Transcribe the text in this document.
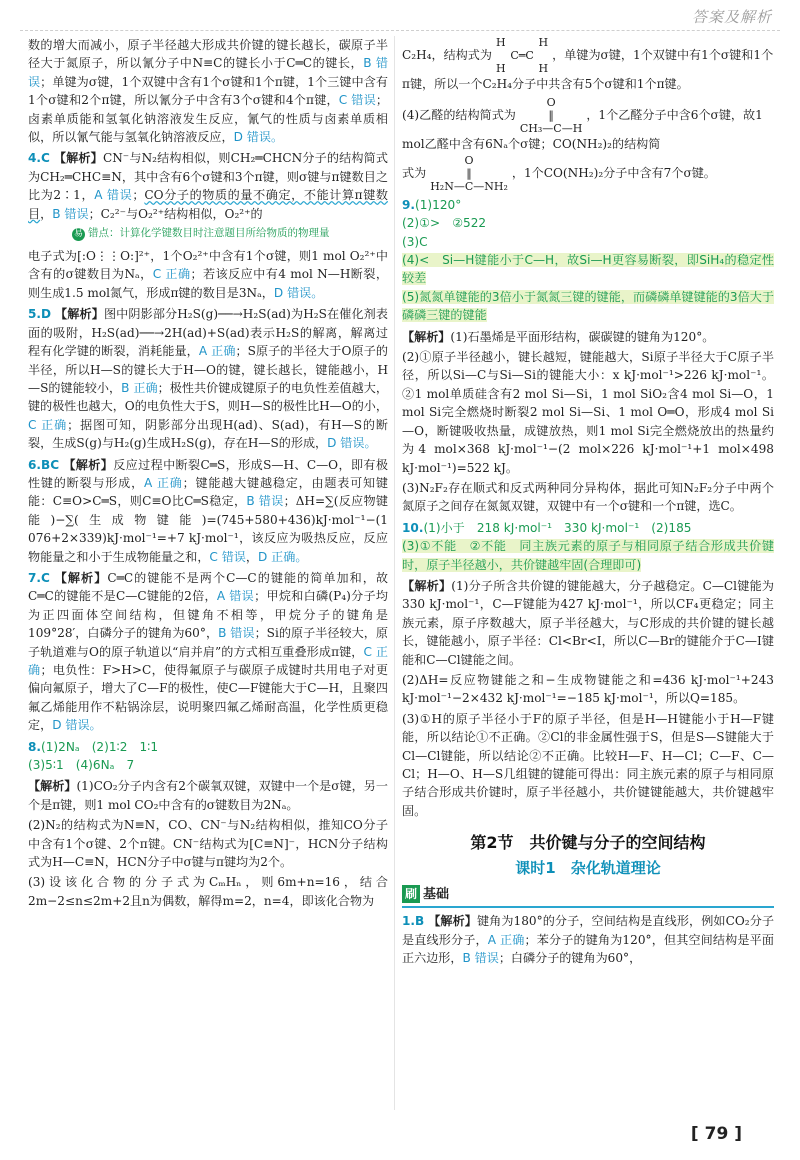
答案及解析

数的增大而减小，原子半径越大形成共价键的键长越长，碳原子半径大于氮原子，所以氰分子中N≡C的键长小于C═C的键长，B 错误；单键为σ键，1个双键中含有1个σ键和1个π键，1个三键中含有1个σ键和2个π键，所以氰分子中含有3个σ键和4个π键，C 错误；卤素单质能和氢氧化钠溶液发生反应，氰气的性质与卤素单质相似，所以氰气能与氢氧化钠溶液反应，D 错误。

4.C 【解析】CN⁻与N₂结构相似，则CH₂═CHCN分子的结构简式为CH₂═CHC≡N，其中含有6个σ键和3个π键，则σ键与π键数目之比为2∶1，A 错误；CO分子的物质的量不确定，不能计算π键数目，B 错误；C₂²⁻与O₂²⁺结构相似，O₂²⁺的

易 错点：计算化学键数目时注意题目所给物质的物理量

电子式为[:O⋮⋮O:]²⁺，1个O₂²⁺中含有1个σ键，则1 mol O₂²⁺中含有的σ键数目为Nₐ，C 正确；若该反应中有4 mol N—H断裂，则生成1.5 mol氮气，形成π键的数目是3Nₐ，D 错误。

5.D 【解析】图中阴影部分H₂S(g)──→H₂S(ad)为H₂S在催化剂表面的吸附，H₂S(ad)──→2H(ad)+S(ad)表示H₂S的解离，解离过程有化学键的断裂，消耗能量，A 正确；S原子的半径大于O原子的半径，所以H—S的键长大于H—O的键，键长越长，键能越小，H—S的键能较小，B 正确；极性共价键成键原子的电负性差值越大，键的极性也越大，O的电负性大于S，则H—S的极性比H—O的小，C 正确；据图可知，阴影部分出现H(ad)、S(ad)，有H—S的断裂，生成S(g)与H₂(g)生成H₂S(g)，存在H—S的形成，D 错误。

6.BC 【解析】反应过程中断裂C═S，形成S—H、C—O，即有极性键的断裂与形成，A 正确；键能越大键越稳定，由题表可知键能：C≡O>C═S，则C≡O比C═S稳定，B 错误；ΔH=∑(反应物键能)−∑(生成物键能)=(745+580+436)kJ·mol⁻¹−(1 076+2×339)kJ·mol⁻¹=+7 kJ·mol⁻¹，该反应为吸热反应，反应物能量之和小于生成物能量之和，C 错误，D 正确。

7.C 【解析】C═C的键能不是两个C—C的键能的简单加和，故C═C的键能不是C—C键能的2倍，A 错误；甲烷和白磷(P₄)分子均为正四面体空间结构，但键角不相等，甲烷分子的键角是109°28′，白磷分子的键角为60°，B 错误；Si的原子半径较大，原子轨道难与O的原子轨道以“肩并肩”的方式相互重叠形成π键，C 正确；电负性：F>H>C，使得氟原子与碳原子成键时共用电子对更偏向氟原子，增大了C—F的极性，使C—F键能大于C—H，且聚四氟乙烯能用作不粘锅涂层，说明聚四氟乙烯耐高温，化学性质更稳定，D 错误。

8.(1)2Nₐ　(2)1∶2　1∶1
(3)5∶1　(4)6Nₐ　7

【解析】(1)CO₂分子内含有2个碳氧双键，双键中一个是σ键，另一个是π键，则1 mol CO₂中含有的σ键数目为2Nₐ。

(2)N₂的结构式为N≡N，CO、CN⁻与N₂结构相似，推知CO分子中含有1个σ键、2个π键。CN⁻结构式为[C≡N]⁻，HCN分子结构式为H—C≡N，HCN分子中σ键与π键均为2个。

(3)设该化合物的分子式为CₘHₙ，则6m+n=16，结合2m−2≤n≤2m+2且n为偶数，解得m=2，n=4，即该化合物为

C₂H₄，结构式为H　　　H
C═C
H　　　H，单键为σ键，1个双键中有1个σ键和1个π键，所以一个C₂H₄分子中共含有5个σ键和1个π键。

(4)乙醛的结构简式为O
‖
CH₃—C—H，1个乙醛分子中含6个σ键，故1 mol乙醛中含有6Nₐ个σ键；CO(NH₂)₂的结构简
式为O
‖
H₂N—C—NH₂，1个CO(NH₂)₂分子中含有7个σ键。

9.(1)120°
(2)①>　②522
(3)C
(4)<　Si—H键能小于C—H，故Si—H更容易断裂，即SiH₄的稳定性较差
(5)氮氮单键能的3倍小于氮氮三键的键能，而磷磷单键键能的3倍大于磷磷三键的键能

【解析】(1)石墨烯是平面形结构，碳碳键的键角为120°。

(2)①原子半径越小，键长越短，键能越大，Si原子半径大于C原子半径，所以Si—C与Si—Si的键能大小：x kJ·mol⁻¹>226 kJ·mol⁻¹。②1 mol单质硅含有2 mol Si—Si，1 mol SiO₂含4 mol Si—O，1 mol Si完全燃烧时断裂2 mol Si—Si、1 mol O═O，形成4 mol Si—O，断键吸收热量，成键放热，则1 mol Si完全燃烧放出的热量约为4 mol×368 kJ·mol⁻¹−(2 mol×226 kJ·mol⁻¹+1 mol×498 kJ·mol⁻¹)=522 kJ。

(3)N₂F₂存在顺式和反式两种同分异构体，据此可知N₂F₂分子中两个氮原子之间存在氮氮双键，双键中有一个σ键和一个π键，选C。

10.(1)小于　218 kJ·mol⁻¹　330 kJ·mol⁻¹　(2)185
(3)①不能　②不能　同主族元素的原子与相同原子结合形成共价键时，原子半径越小，共价键越牢固(合理即可)

【解析】(1)分子所含共价键的键能越大，分子越稳定。C—Cl键能为330 kJ·mol⁻¹，C—F键能为427 kJ·mol⁻¹，所以CF₄更稳定；同主族元素，原子序数越大，原子半径越大，与C形成的共价键的键长越长，键能越小，原子半径：Cl<Br<I，所以C—Br的键能介于C—I键能和C—Cl键能之间。

(2)ΔH=反应物键能之和−生成物键能之和=436 kJ·mol⁻¹+243 kJ·mol⁻¹−2×432 kJ·mol⁻¹=−185 kJ·mol⁻¹，所以Q=185。

(3)①H的原子半径小于F的原子半径，但是H—H键能小于H—F键能，所以结论①不正确。②Cl的非金属性强于S，但是S—S键能大于Cl—Cl键能，所以结论②不正确。比较H—F、H—Cl；C—F、C—Cl；H—O、H—S几组键的键能可得出：同主族元素的原子与相同原子结合形成共价键时，原子半径越小，共价键键能越大，共价键越牢固。

第2节　共价键与分子的空间结构
课时1　杂化轨道理论
刷 基础

1.B 【解析】键角为180°的分子，空间结构是直线形，例如CO₂分子是直线形分子，A 正确；苯分子的键角为120°，但其空间结构是平面正六边形，B 错误；白磷分子的键角为60°，

[ 79 ]
